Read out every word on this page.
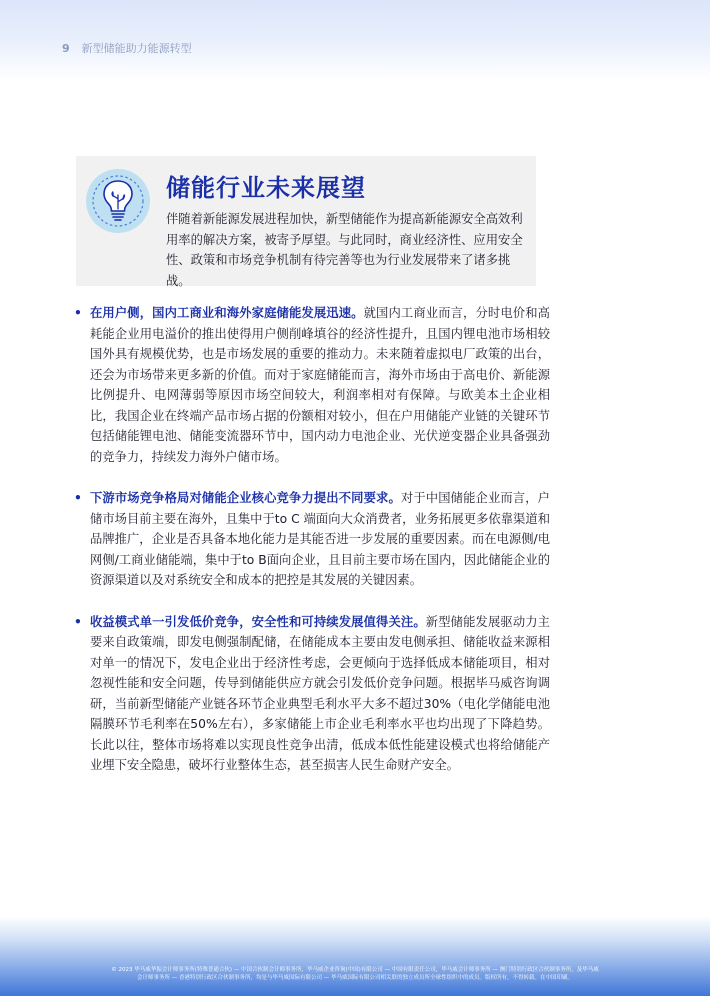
9 新型储能助力能源转型
储能行业未来展望
伴随着新能源发展进程加快，新型储能作为提高新能源安全高效利用率的解决方案，被寄予厚望。与此同时，商业经济性、应用安全性、政策和市场竞争机制有待完善等也为行业发展带来了诸多挑战。
• 在用户侧，国内工商业和海外家庭储能发展迅速。就国内工商业而言，分时电价和高耗能企业用电溢价的推出使得用户侧削峰填谷的经济性提升，且国内锂电池市场相较国外具有规模优势，也是市场发展的重要的推动力。未来随着虚拟电厂政策的出台，还会为市场带来更多新的价值。而对于家庭储能而言，海外市场由于高电价、新能源比例提升、电网薄弱等原因市场空间较大，利润率相对有保障。与欧美本土企业相比，我国企业在终端产品市场占据的份额相对较小，但在户用储能产业链的关键环节包括储能锂电池、储能变流器环节中，国内动力电池企业、光伏逆变器企业具备强劲的竞争力，持续发力海外户储市场。
• 下游市场竞争格局对储能企业核心竞争力提出不同要求。对于中国储能企业而言，户储市场目前主要在海外，且集中于to C 端面向大众消费者，业务拓展更多依靠渠道和品牌推广，企业是否具备本地化能力是其能否进一步发展的重要因素。而在电源侧/电网侧/工商业储能端，集中于to B面向企业，且目前主要市场在国内，因此储能企业的资源渠道以及对系统安全和成本的把控是其发展的关键因素。
• 收益模式单一引发低价竞争，安全性和可持续发展值得关注。新型储能发展驱动力主要来自政策端，即发电侧强制配储，在储能成本主要由发电侧承担、储能收益来源相对单一的情况下，发电企业出于经济性考虑，会更倾向于选择低成本储能项目，相对忽视性能和安全问题，传导到储能供应方就会引发低价竞争问题。根据毕马威咨询调研，当前新型储能产业链各环节企业典型毛利水平大多不超过30%（电化学储能电池隔膜环节毛利率在50%左右），多家储能上市企业毛利率水平也均出现了下降趋势。长此以往，整体市场将难以实现良性竞争出清，低成本低性能建设模式也将给储能产业埋下安全隐患，破坏行业整体生态，甚至损害人民生命财产安全。
© 2023 毕马威华振会计师事务所(特殊普通合伙) — 中国合伙制会计师事务所，毕马威企业咨询(中国)有限公司 — 中国有限责任公司，毕马威会计师事务所 — 澳门特别行政区合伙制事务所，及毕马威
会计师事务所 — 香港特别行政区合伙制事务所，均是与毕马威国际有限公司 — 毕马威国际有限公司相关联的独立成员所全球性组织中的成员。版权所有，不得转载。在中国印刷。
